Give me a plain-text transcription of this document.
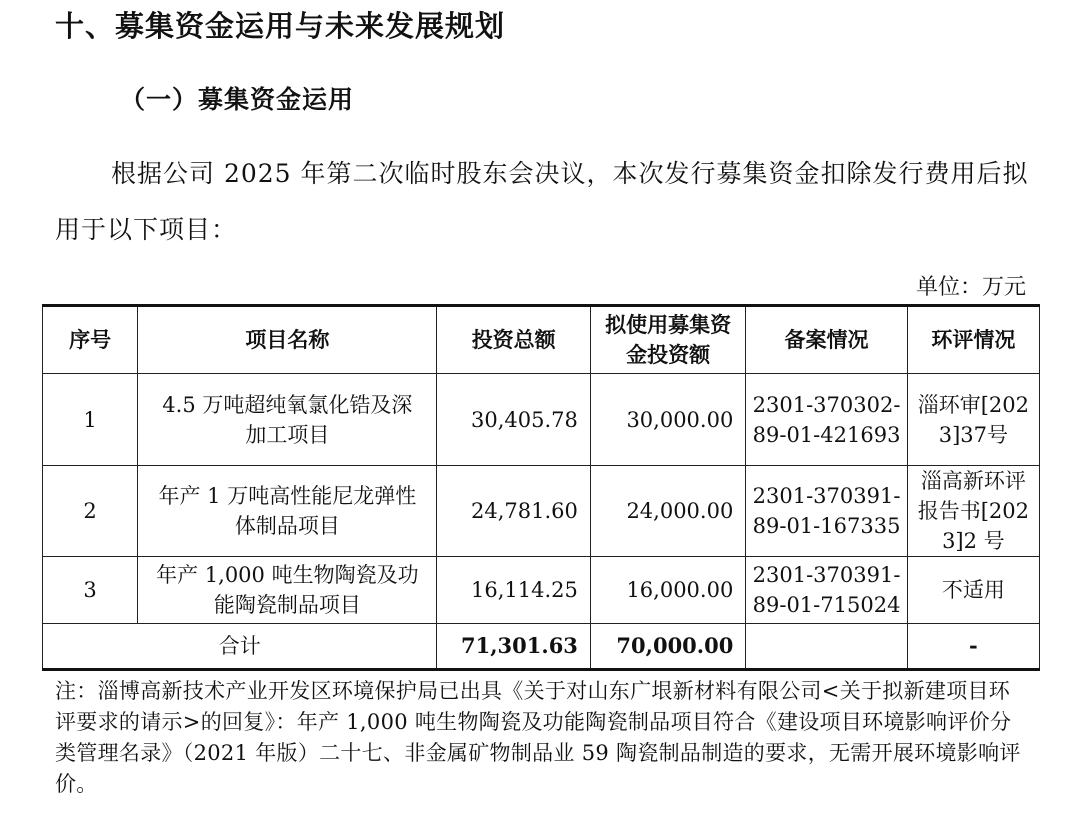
十、募集资金运用与未来发展规划
（一）募集资金运用
根据公司 2025 年第二次临时股东会决议，本次发行募集资金扣除发行费用后拟用于以下项目：
单位：万元
序号	项目名称	投资总额	拟使用募集资金投资额	备案情况	环评情况
1	4.5 万吨超纯氧氯化锆及深加工项目	30,405.78	30,000.00	2301-370302-89-01-421693	淄环审[2023]37号
2	年产 1 万吨高性能尼龙弹性体制品项目	24,781.60	24,000.00	2301-370391-89-01-167335	淄高新环评报告书[2023]2 号
3	年产 1,000 吨生物陶瓷及功能陶瓷制品项目	16,114.25	16,000.00	2301-370391-89-01-715024	不适用
合计		71,301.63	70,000.00		-
注：淄博高新技术产业开发区环境保护局已出具《关于对山东广垠新材料有限公司<关于拟新建项目环评要求的请示>的回复》：年产 1,000 吨生物陶瓷及功能陶瓷制品项目符合《建设项目环境影响评价分类管理名录》（2021 年版）二十七、非金属矿物制品业 59 陶瓷制品制造的要求，无需开展环境影响评价。
